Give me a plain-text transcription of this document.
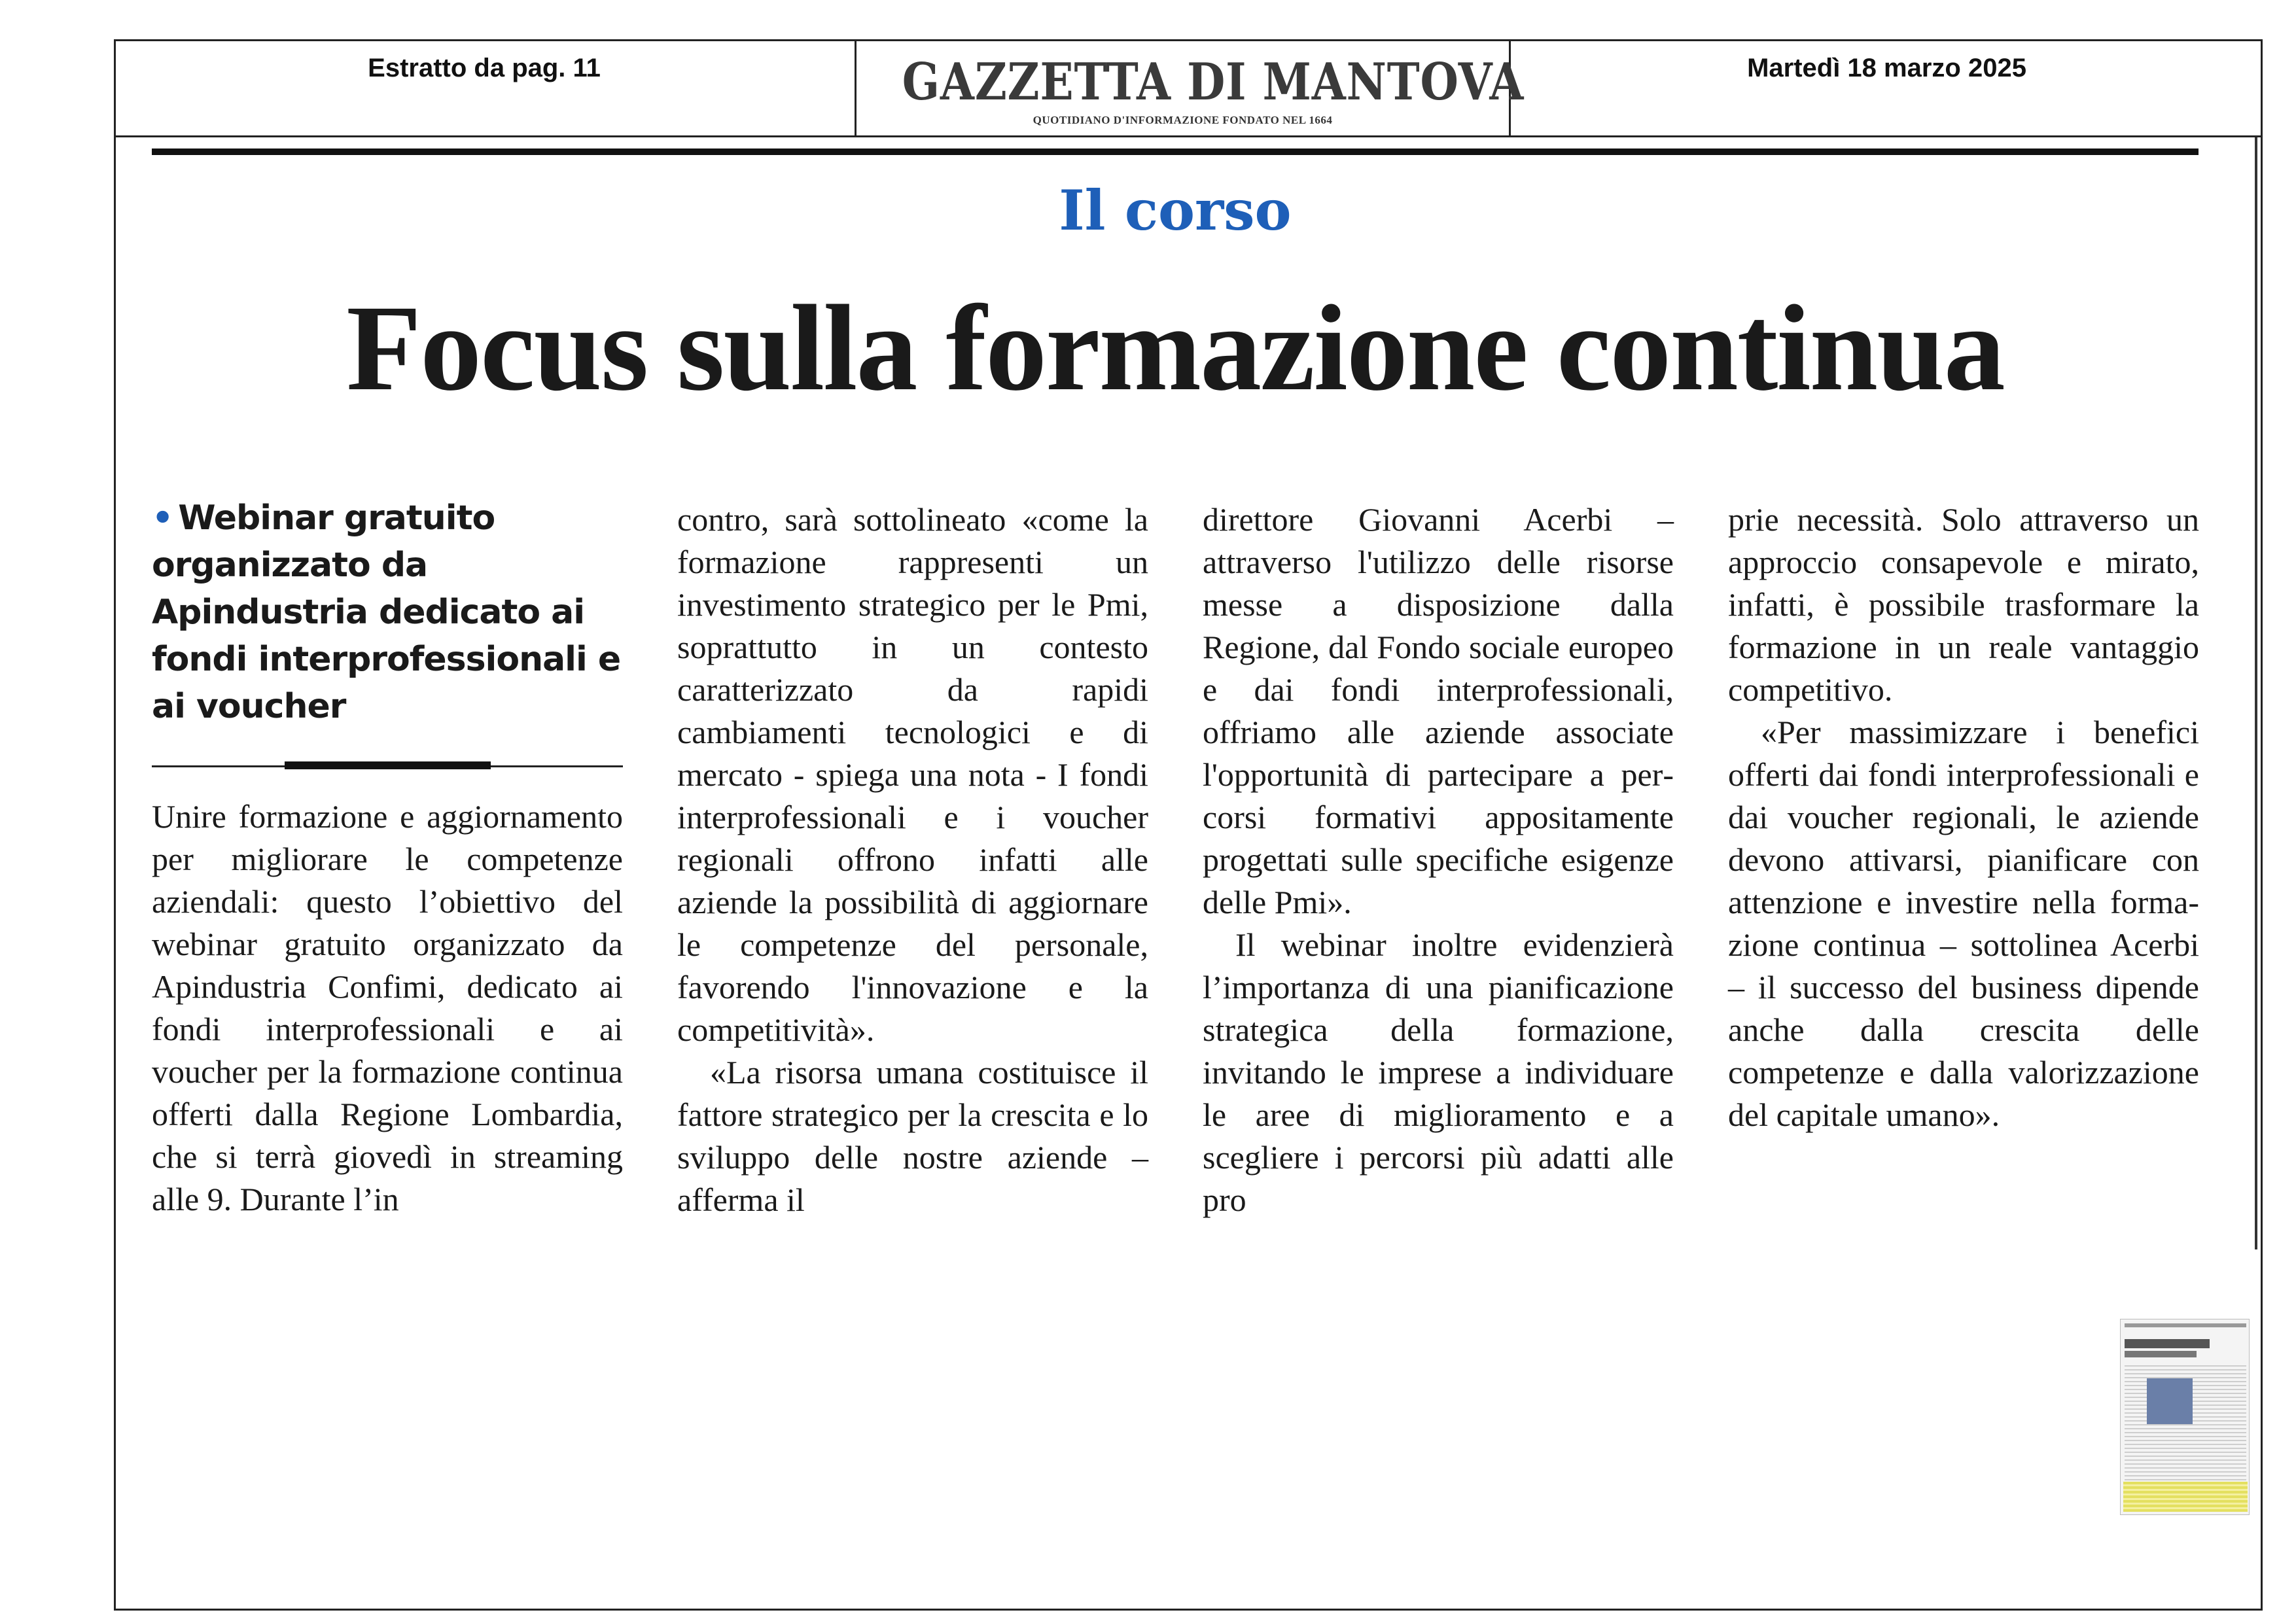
Estratto da pag. 11	GAZZETTA DI MANTOVA
QUOTIDIANO D'INFORMAZIONE FONDATO NEL 1664
Martedì 18 marzo 2025
Il corso
Focus sulla formazione continua
• Webinar gratuito organizzato da Apindustria dedicato ai fondi interprofessionali e ai voucher

Unire formazione e aggiornamento per migliorare le competenze aziendali: questo l’obiettivo del webinar gratuito organizzato da Apindustria Confimi, dedicato ai fondi interprofessionali e ai voucher per la formazione continua offerti dalla Regione Lombardia, che si terrà giovedì in streaming alle 9. Durante l’in

contro, sarà sottolineato «come la formazione rappresenti un investimento strategico per le Pmi, soprattutto in un contesto caratterizzato da rapidi cambiamenti tecnologici e di mercato - spiega una nota - I fondi interprofessionali e i voucher regionali offrono infatti alle aziende la possibilità di aggiornare le competenze del personale, favorendo l'innovazione e la competitività».

«La risorsa umana costituisce il fattore strategico per la crescita e lo sviluppo delle nostre aziende – afferma il

direttore Giovanni Acerbi – attraverso l'utilizzo delle risorse messe a disposizione dalla Regione, dal Fondo sociale europeo e dai fondi interprofessionali, offriamo alle aziende associate l'opportunità di partecipare a percorsi formativi appositamente progettati sulle specifiche esigenze delle Pmi».

Il webinar inoltre evidenzierà l’importanza di una pianificazione strategica della formazione, invitando le imprese a individuare le aree di miglioramento e a scegliere i percorsi più adatti alle pro

prie necessità. Solo attraverso un approccio consapevole e mirato, infatti, è possibile trasformare la formazione in un reale vantaggio competitivo.

«Per massimizzare i benefici offerti dai fondi interprofessionali e dai voucher regionali, le aziende devono attivarsi, pianificare con attenzione e investire nella formazione continua – sottolinea Acerbi – il successo del business dipende anche dalla crescita delle competenze e dalla valorizzazione del capitale umano».
